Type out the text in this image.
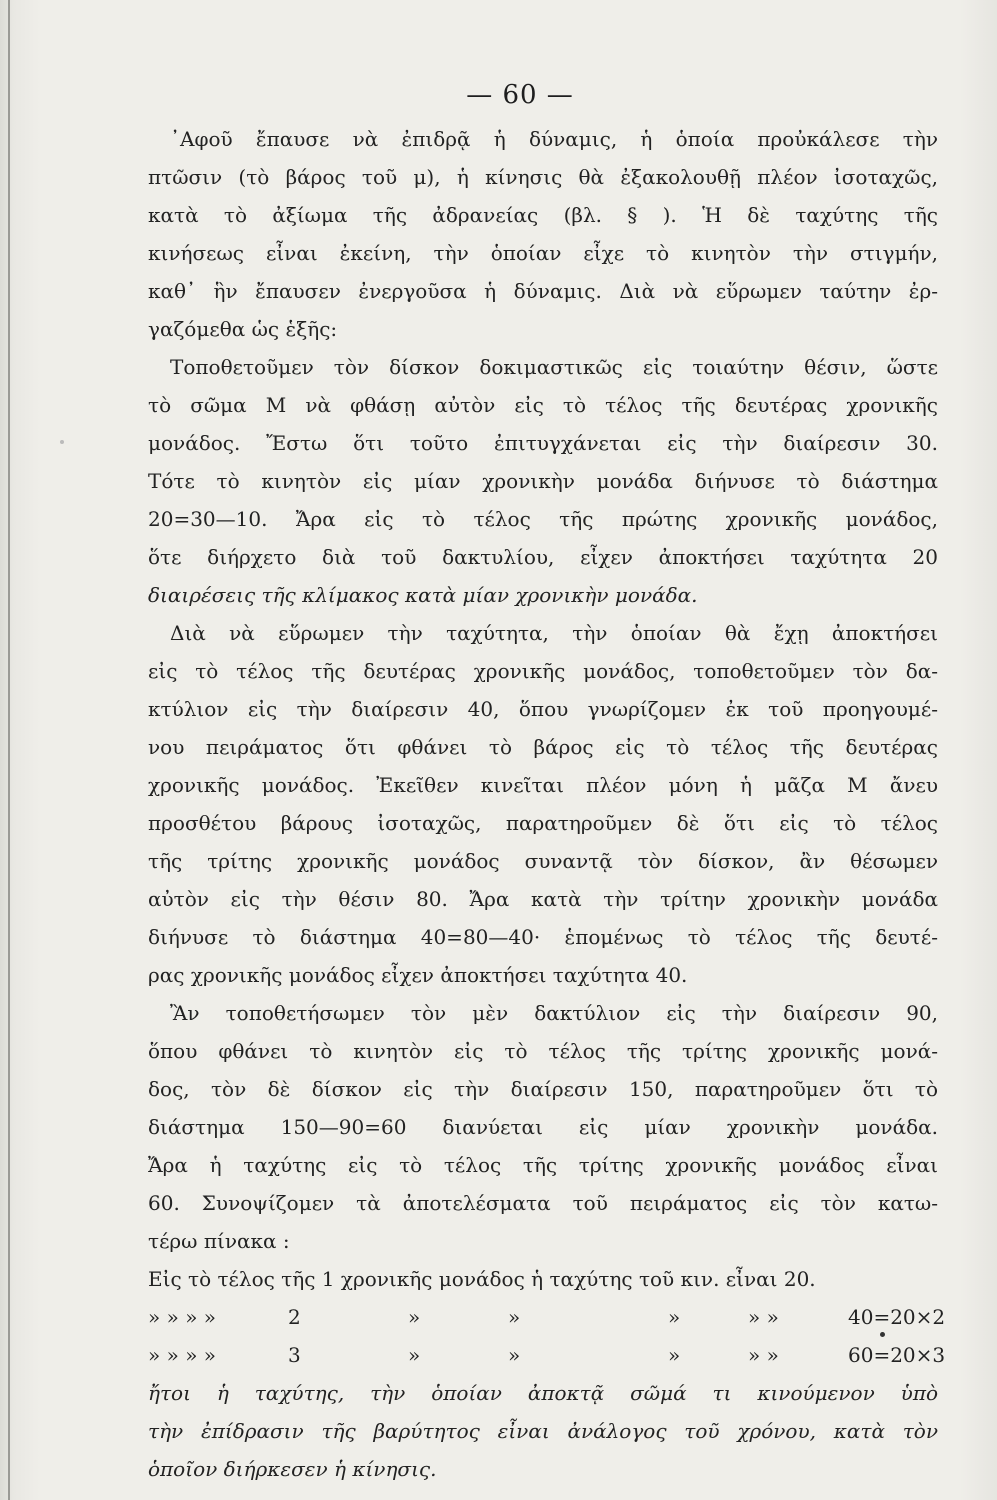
— 60 —
᾿Αφοῦ ἔπαυσε νὰ ἐπιδρᾷ ἡ δύναμις, ἡ ὁποία προὐκάλεσε τὴν
πτῶσιν (τὸ βάρος τοῦ μ), ἡ κίνησις θὰ ἐξακολουθῇ πλέον ἰσοταχῶς,
κατὰ τὸ ἀξίωμα τῆς ἀδρανείας (βλ. § ). Ἡ δὲ ταχύτης τῆς
κινήσεως εἶναι ἐκείνη, τὴν ὁποίαν εἶχε τὸ κινητὸν τὴν στιγμήν,
καθ᾿ ἣν ἔπαυσεν ἐνεργοῦσα ἡ δύναμις. Διὰ νὰ εὕρωμεν ταύτην ἐρ-
γαζόμεθα ὡς ἑξῆς:
Τοποθετοῦμεν τὸν δίσκον δοκιμαστικῶς εἰς τοιαύτην θέσιν, ὥστε
τὸ σῶμα Μ νὰ φθάσῃ αὐτὸν εἰς τὸ τέλος τῆς δευτέρας χρονικῆς
μονάδος. Ἔστω ὅτι τοῦτο ἐπιτυγχάνεται εἰς τὴν διαίρεσιν 30.
Τότε τὸ κινητὸν εἰς μίαν χρονικὴν μονάδα διήνυσε τὸ διάστημα
20=30—10. Ἄρα εἰς τὸ τέλος τῆς πρώτης χρονικῆς μονάδος,
ὅτε διήρχετο διὰ τοῦ δακτυλίου, εἶχεν ἀποκτήσει ταχύτητα 20
διαιρέσεις τῆς κλίμακος κατὰ μίαν χρονικὴν μονάδα.
Διὰ νὰ εὕρωμεν τὴν ταχύτητα, τὴν ὁποίαν θὰ ἔχῃ ἀποκτήσει
εἰς τὸ τέλος τῆς δευτέρας χρονικῆς μονάδος, τοποθετοῦμεν τὸν δα-
κτύλιον εἰς τὴν διαίρεσιν 40, ὅπου γνωρίζομεν ἐκ τοῦ προηγουμέ-
νου πειράματος ὅτι φθάνει τὸ βάρος εἰς τὸ τέλος τῆς δευτέρας
χρονικῆς μονάδος. Ἐκεῖθεν κινεῖται πλέον μόνη ἡ μᾶζα Μ ἄνευ
προσθέτου βάρους ἰσοταχῶς, παρατηροῦμεν δὲ ὅτι εἰς τὸ τέλος
τῆς τρίτης χρονικῆς μονάδος συναντᾷ τὸν δίσκον, ἂν θέσωμεν
αὐτὸν εἰς τὴν θέσιν 80. Ἄρα κατὰ τὴν τρίτην χρονικὴν μονάδα
διήνυσε τὸ διάστημα 40=80—40· ἑπομένως τὸ τέλος τῆς δευτέ-
ρας χρονικῆς μονάδος εἶχεν ἀποκτήσει ταχύτητα 40.
Ἂν τοποθετήσωμεν τὸν μὲν δακτύλιον εἰς τὴν διαίρεσιν 90,
ὅπου φθάνει τὸ κινητὸν εἰς τὸ τέλος τῆς τρίτης χρονικῆς μονά-
δος, τὸν δὲ δίσκον εἰς τὴν διαίρεσιν 150, παρατηροῦμεν ὅτι τὸ
διάστημα 150—90=60 διανύεται εἰς μίαν χρονικὴν μονάδα.
Ἄρα ἡ ταχύτης εἰς τὸ τέλος τῆς τρίτης χρονικῆς μονάδος εἶναι
60. Συνοψίζομεν τὰ ἀποτελέσματα τοῦ πειράματος εἰς τὸν κατω-
τέρω πίνακα :
Εἰς τὸ τέλος τῆς 1 χρονικῆς μονάδος ἡ ταχύτης τοῦ κιν. εἶναι 20.
» » » »	2	»	»	»	» »	40=20×2
» » » »	3	»	»	»	» »	60=20×3
ἤτοι ἡ ταχύτης, τὴν ὁποίαν ἀποκτᾷ σῶμά τι κινούμενον ὑπὸ
τὴν ἐπίδρασιν τῆς βαρύτητος εἶναι ἀνάλογος τοῦ χρόνου, κατὰ τὸν
ὁποῖον διήρκεσεν ἡ κίνησις.
